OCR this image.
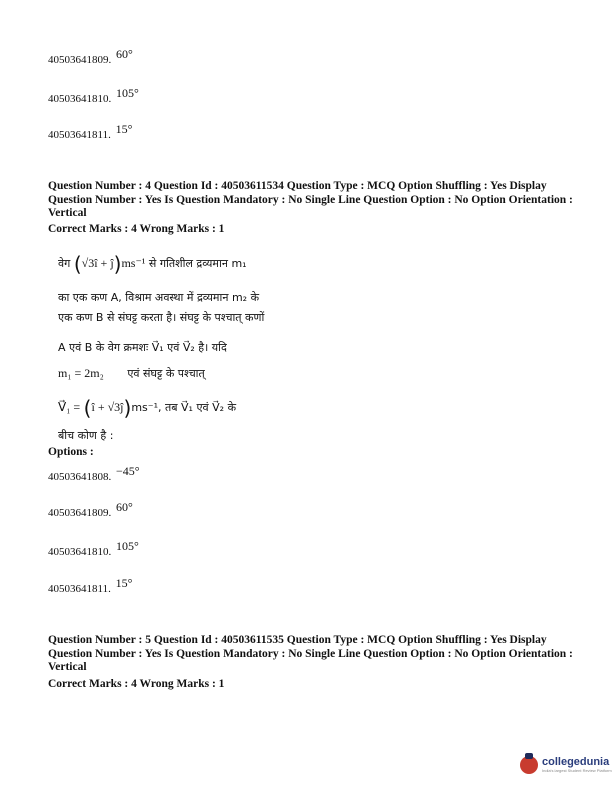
40503641809. 60°
40503641810. 105°
40503641811. 15°
Question Number : 4 Question Id : 40503611534 Question Type : MCQ Option Shuffling : Yes Display Question Number : Yes Is Question Mandatory : No Single Line Question Option : No Option Orientation : Vertical
Correct Marks : 4 Wrong Marks : 1
वेग (√3î + ĵ)ms⁻¹ से गतिशील द्रव्यमान m₁
का एक कण A, विश्राम अवस्था में द्रव्यमान m₂ के
एक कण B से संघट्ट करता है। संघट्ट के पश्चात् कणों
A एवं B के वेग क्रमशः V⃗₁ एवं V⃗₂ है। यदि
m₁ = 2m₂ एवं संघट्ट के पश्चात्
V⃗₁ = (î + √3ĵ)ms⁻¹, तब V⃗₁ एवं V⃗₂ के
बीच कोण है :
Options :
40503641808. −45°
40503641809. 60°
40503641810. 105°
40503641811. 15°
Question Number : 5 Question Id : 40503611535 Question Type : MCQ Option Shuffling : Yes Display Question Number : Yes Is Question Mandatory : No Single Line Question Option : No Option Orientation : Vertical
Correct Marks : 4 Wrong Marks : 1
collegedunia
India's largest Student Review Platform
